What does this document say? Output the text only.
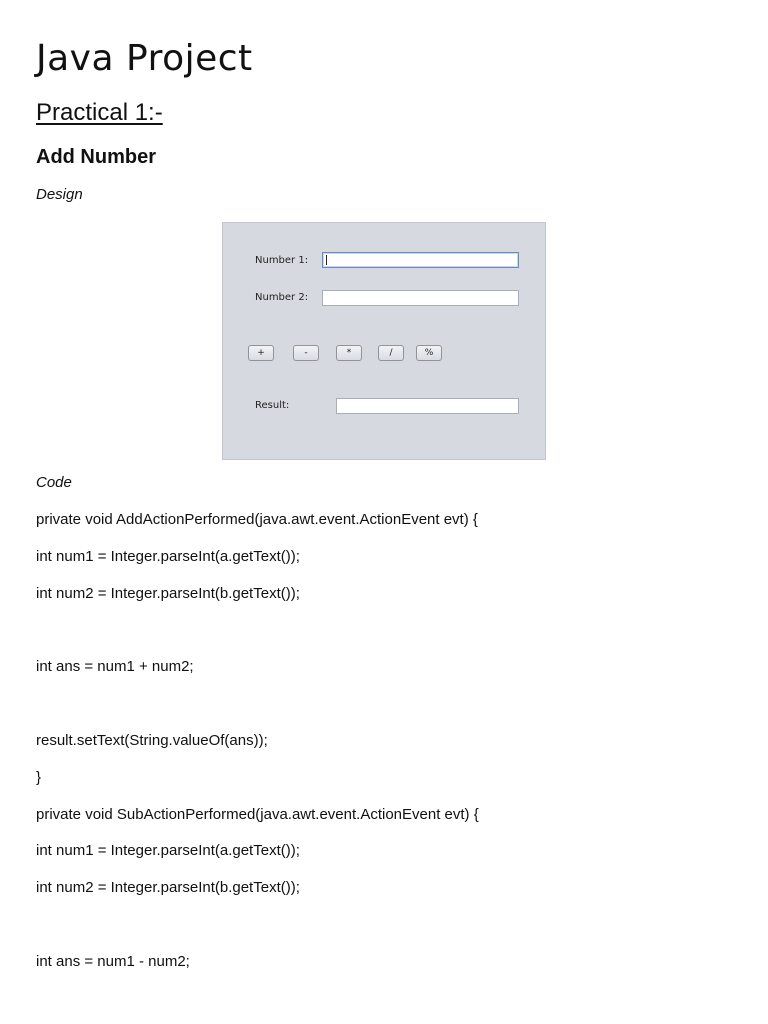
Java Project
Practical 1:-
Add Number

Design

Code

private void AddActionPerformed(java.awt.event.ActionEvent evt) {

int num1 = Integer.parseInt(a.getText());

int num2 = Integer.parseInt(b.getText());

int ans = num1 + num2;

result.setText(String.valueOf(ans));

}

private void SubActionPerformed(java.awt.event.ActionEvent evt) {

int num1 = Integer.parseInt(a.getText());

int num2 = Integer.parseInt(b.getText());

int ans = num1 - num2;

Number 1:
Number 2:
+	-	*	/	%
Result:
